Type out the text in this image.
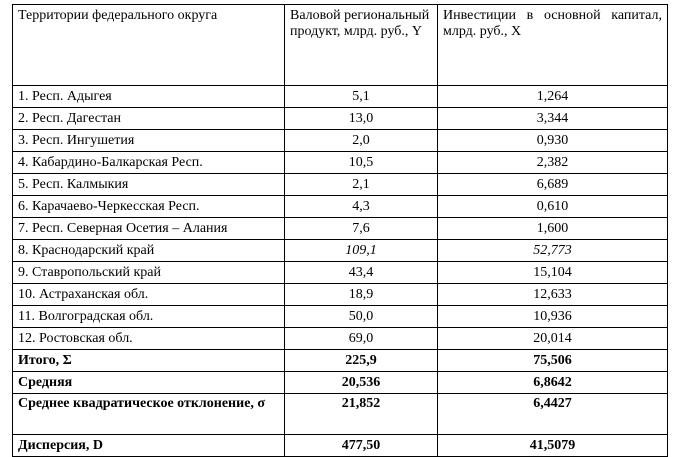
Территории федерального округа	Валовой региональный продукт, млрд. руб., Y	Инвестиции в основной капитал, млрд. руб., X
1. Респ. Адыгея	5,1	1,264
2. Респ. Дагестан	13,0	3,344
3. Респ. Ингушетия	2,0	0,930
4. Кабардино-Балкарская Респ.	10,5	2,382
5. Респ. Калмыкия	2,1	6,689
6. Карачаево-Черкесская Респ.	4,3	0,610
7. Респ. Северная Осетия – Алания	7,6	1,600
8. Краснодарский край	109,1	52,773
9. Ставропольский край	43,4	15,104
10. Астраханская обл.	18,9	12,633
11. Волгоградская обл.	50,0	10,936
12. Ростовская обл.	69,0	20,014
Итого, Σ	225,9	75,506
Средняя	20,536	6,8642
Среднее квадратическое отклонение, σ	21,852	6,4427
Дисперсия, D	477,50	41,5079
